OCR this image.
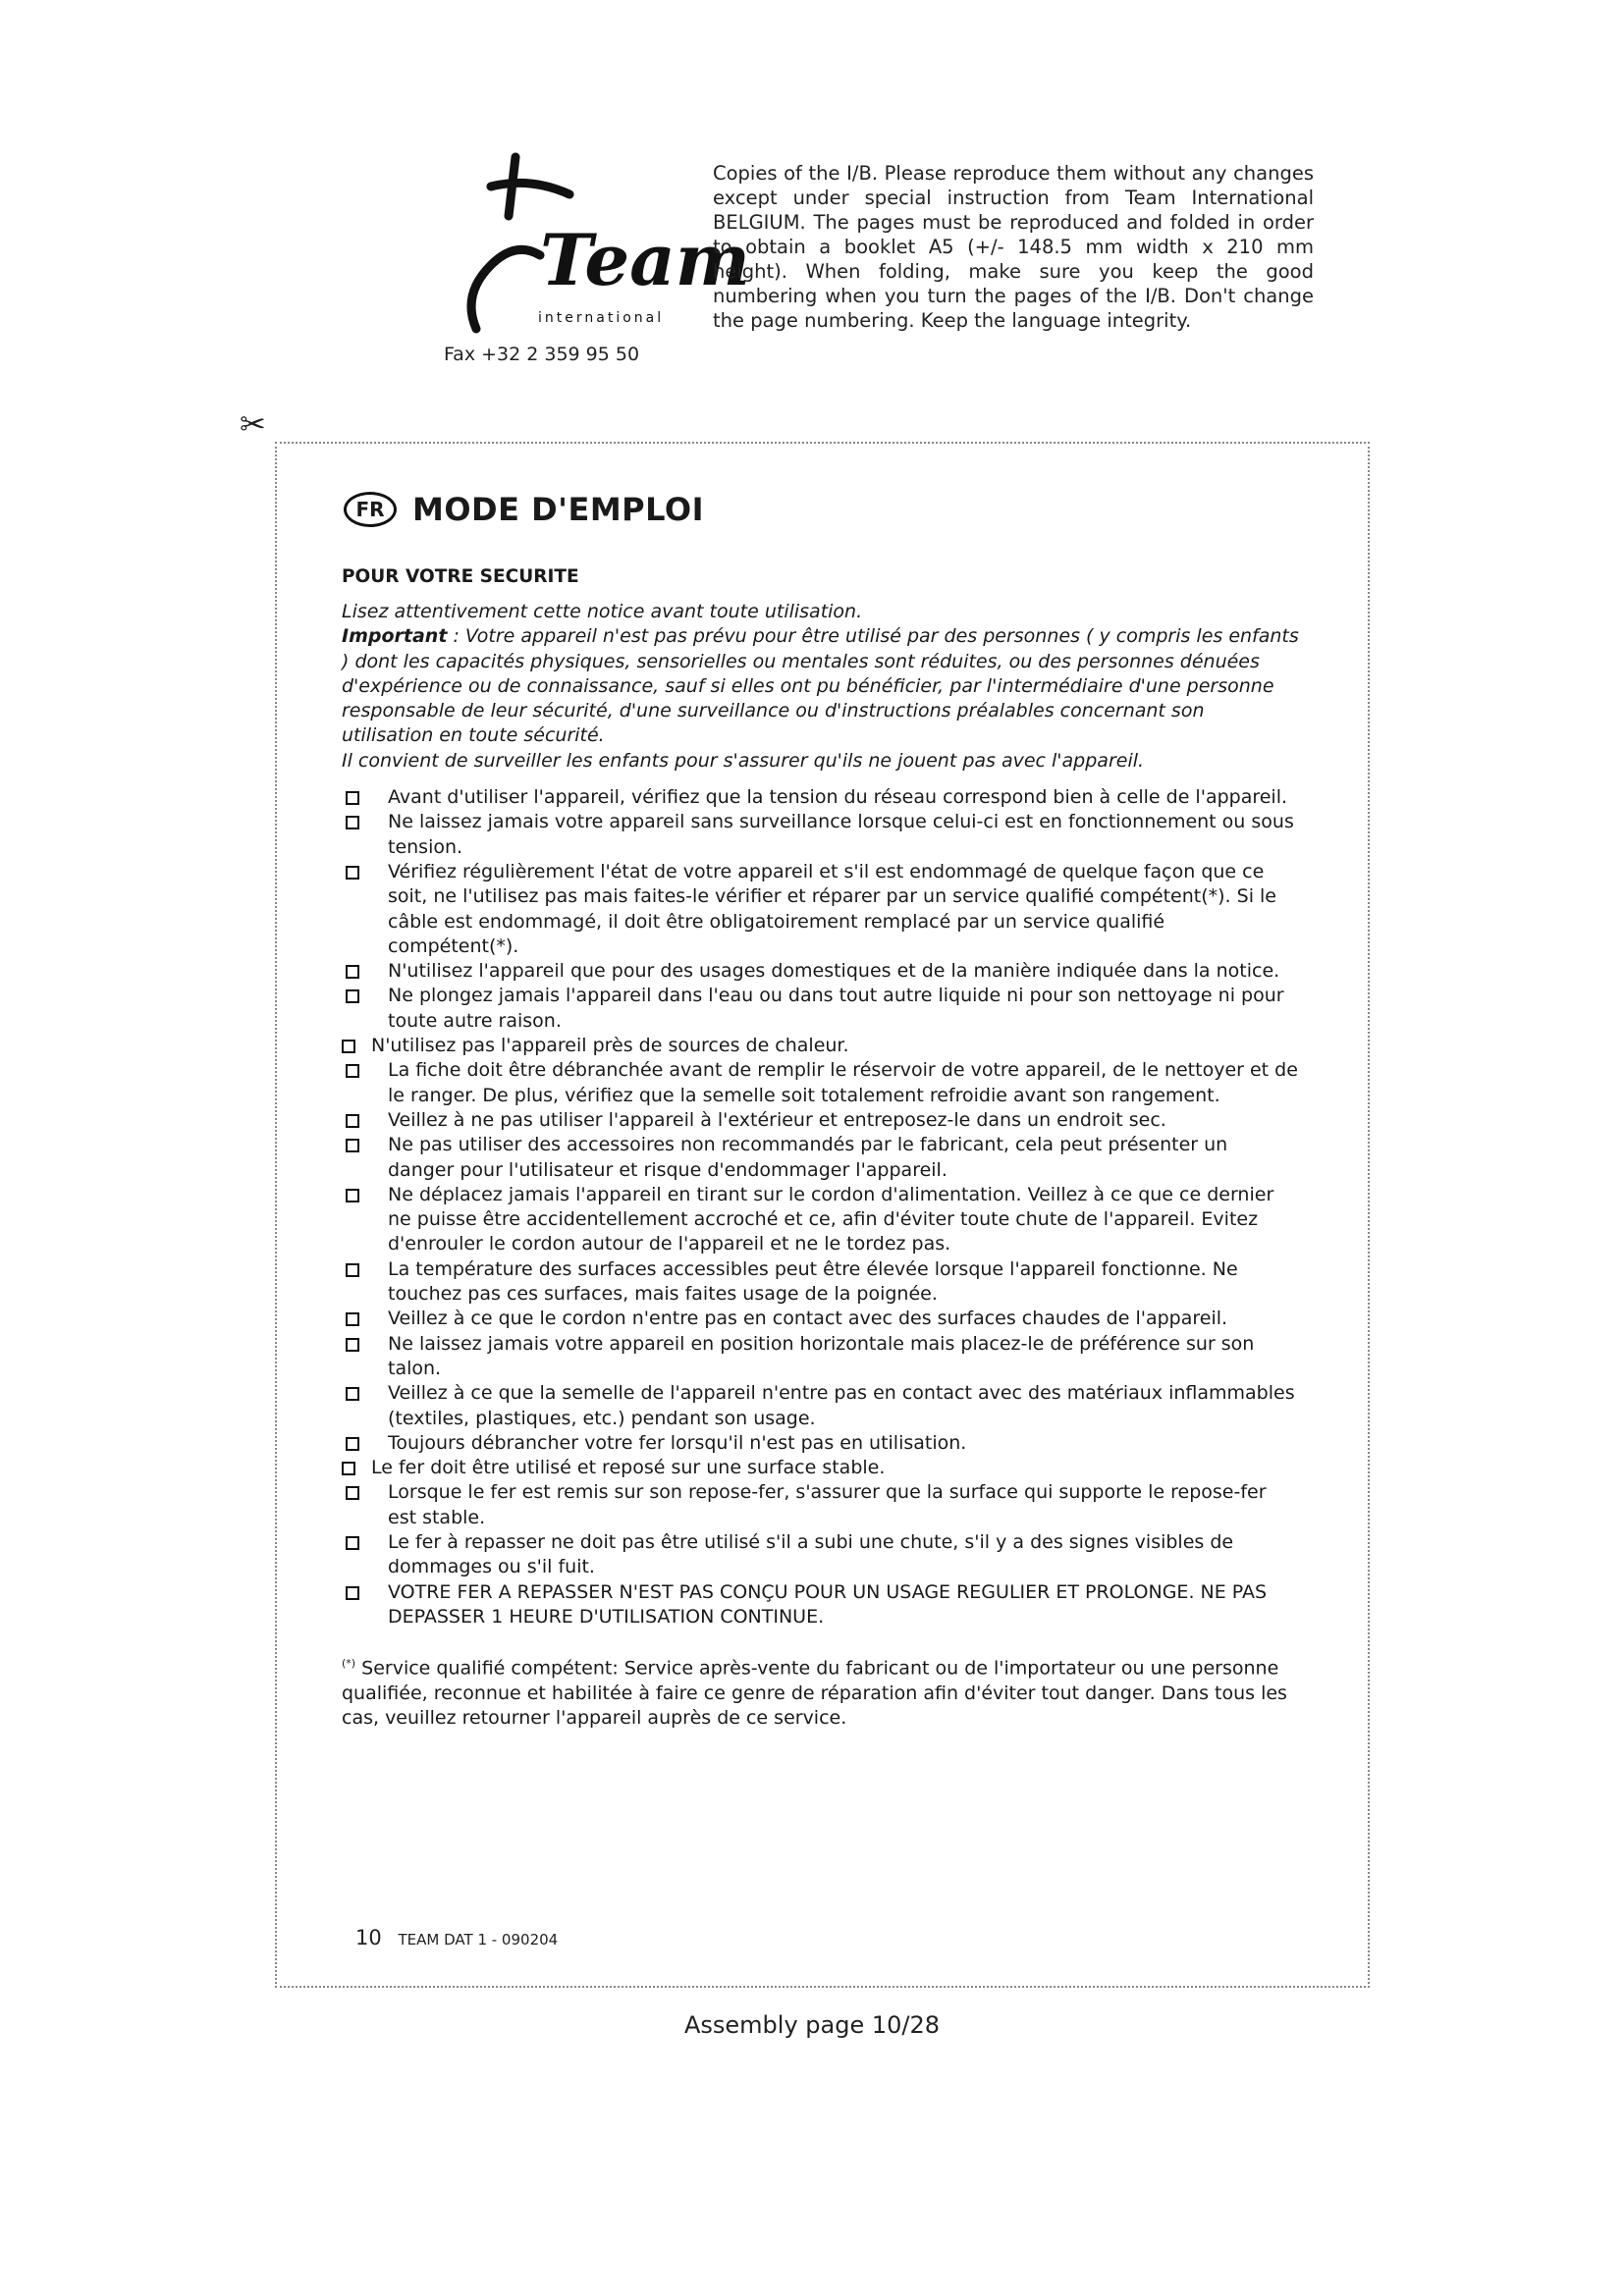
Team
international
Fax +32 2 359 95 50
Copies of the I/B. Please reproduce them without any changes except under special instruction from Team International BELGIUM. The pages must be reproduced and folded in order to obtain a booklet A5 (+/- 148.5 mm width x 210 mm height). When folding, make sure you keep the good numbering when you turn the pages of the I/B. Don't change the page numbering. Keep the language integrity.
✂
FR MODE D'EMPLOI
POUR VOTRE SECURITE

Lisez attentivement cette notice avant toute utilisation.
Important : Votre appareil n'est pas prévu pour être utilisé par des personnes ( y compris les enfants ) dont les capacités physiques, sensorielles ou mentales sont réduites, ou des personnes dénuées d'expérience ou de connaissance, sauf si elles ont pu bénéficier, par l'intermédiaire d'une personne responsable de leur sécurité, d'une surveillance ou d'instructions préalables concernant son utilisation en toute sécurité.
Il convient de surveiller les enfants pour s'assurer qu'ils ne jouent pas avec l'appareil.

Avant d'utiliser l'appareil, vérifiez que la tension du réseau correspond bien à celle de l'appareil.
Ne laissez jamais votre appareil sans surveillance lorsque celui-ci est en fonctionnement ou sous tension.
Vérifiez régulièrement l'état de votre appareil et s'il est endommagé de quelque façon que ce soit, ne l'utilisez pas mais faites-le vérifier et réparer par un service qualifié compétent(*). Si le câble est endommagé, il doit être obligatoirement remplacé par un service qualifié compétent(*).
N'utilisez l'appareil que pour des usages domestiques et de la manière indiquée dans la notice.
Ne plongez jamais l'appareil dans l'eau ou dans tout autre liquide ni pour son nettoyage ni pour toute autre raison.
N'utilisez pas l'appareil près de sources de chaleur.
La fiche doit être débranchée avant de remplir le réservoir de votre appareil, de le nettoyer et de le ranger. De plus, vérifiez que la semelle soit totalement refroidie avant son rangement.
Veillez à ne pas utiliser l'appareil à l'extérieur et entreposez-le dans un endroit sec.
Ne pas utiliser des accessoires non recommandés par le fabricant, cela peut présenter un danger pour l'utilisateur et risque d'endommager l'appareil.
Ne déplacez jamais l'appareil en tirant sur le cordon d'alimentation. Veillez à ce que ce dernier ne puisse être accidentellement accroché et ce, afin d'éviter toute chute de l'appareil. Evitez d'enrouler le cordon autour de l'appareil et ne le tordez pas.
La température des surfaces accessibles peut être élevée lorsque l'appareil fonctionne. Ne touchez pas ces surfaces, mais faites usage de la poignée.
Veillez à ce que le cordon n'entre pas en contact avec des surfaces chaudes de l'appareil.
Ne laissez jamais votre appareil en position horizontale mais placez-le de préférence sur son talon.
Veillez à ce que la semelle de l'appareil n'entre pas en contact avec des matériaux inflammables (textiles, plastiques, etc.) pendant son usage.
Toujours débrancher votre fer lorsqu'il n'est pas en utilisation.
Le fer doit être utilisé et reposé sur une surface stable.
Lorsque le fer est remis sur son repose-fer, s'assurer que la surface qui supporte le repose-fer est stable.
Le fer à repasser ne doit pas être utilisé s'il a subi une chute, s'il y a des signes visibles de dommages ou s'il fuit.
VOTRE FER A REPASSER N'EST PAS CONÇU POUR UN USAGE REGULIER ET PROLONGE. NE PAS DEPASSER 1 HEURE D'UTILISATION CONTINUE.
(*) Service qualifié compétent: Service après-vente du fabricant ou de l'importateur ou une personne qualifiée, reconnue et habilitée à faire ce genre de réparation afin d'éviter tout danger. Dans tous les cas, veuillez retourner l'appareil auprès de ce service.
10 TEAM DAT 1 - 090204
Assembly page 10/28
